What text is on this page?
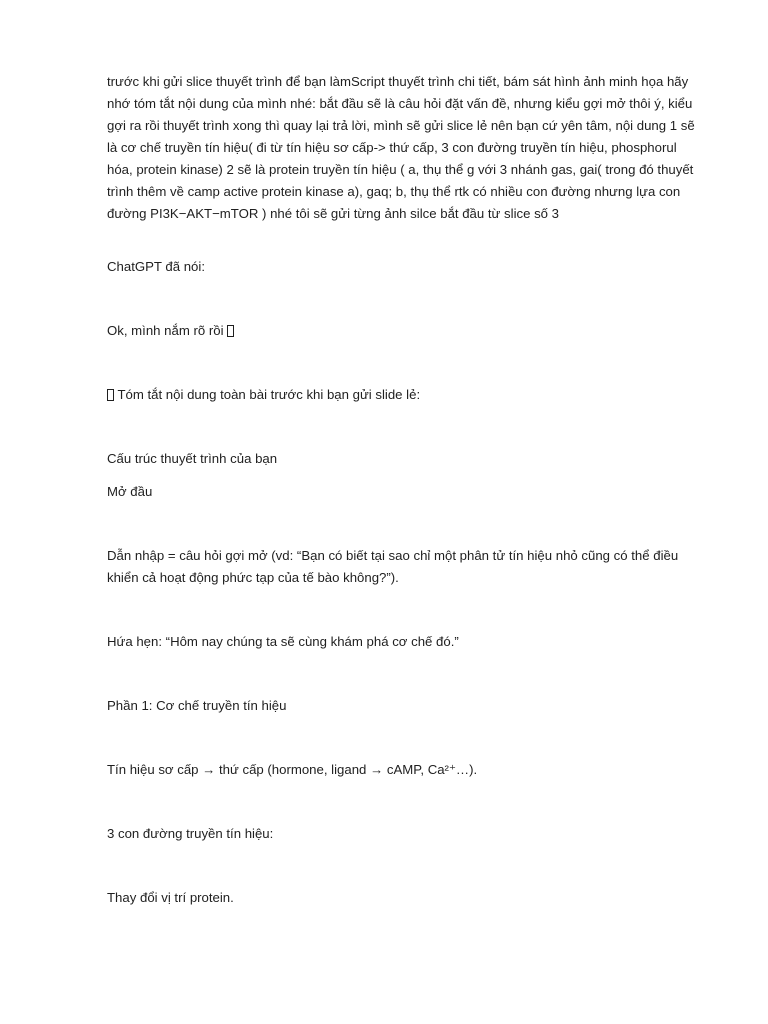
trước khi gửi slice thuyết trình để bạn làmScript thuyết trình chi tiết, bám sát hình ảnh minh họa hãy nhớ tóm tắt nội dung của mình nhé: bắt đầu sẽ là câu hỏi đặt vấn đề, nhưng kiểu gợi mở thôi ý, kiểu gợi ra rồi thuyết trình xong thì quay lại trả lời, mình sẽ gửi slice lẻ nên bạn cứ yên tâm, nội dung 1 sẽ là cơ chế truyền tín hiệu( đi từ tín hiệu sơ cấp-> thứ cấp, 3 con đường truyền tín hiệu, phosphorul hóa, protein kinase) 2 sẽ là protein truyền tín hiệu ( a, thụ thể g với 3 nhánh gas, gai( trong đó thuyết trình thêm về camp active protein kinase a), gaq; b, thụ thể rtk có nhiều con đường nhưng lựa con đường PI3K−AKT−mTOR ) nhé tôi sẽ gửi từng ảnh silce bắt đầu từ slice số 3

ChatGPT đã nói:

Ok, mình nắm rõ rồi

Tóm tắt nội dung toàn bài trước khi bạn gửi slide lẻ:

Cấu trúc thuyết trình của bạn

Mở đầu

Dẫn nhập = câu hỏi gợi mở (vd: “Bạn có biết tại sao chỉ một phân tử tín hiệu nhỏ cũng có thể điều khiển cả hoạt động phức tạp của tế bào không?”).

Hứa hẹn: “Hôm nay chúng ta sẽ cùng khám phá cơ chế đó.”

Phần 1: Cơ chế truyền tín hiệu

Tín hiệu sơ cấp → thứ cấp (hormone, ligand → cAMP, Ca²⁺…).

3 con đường truyền tín hiệu:

Thay đổi vị trí protein.
